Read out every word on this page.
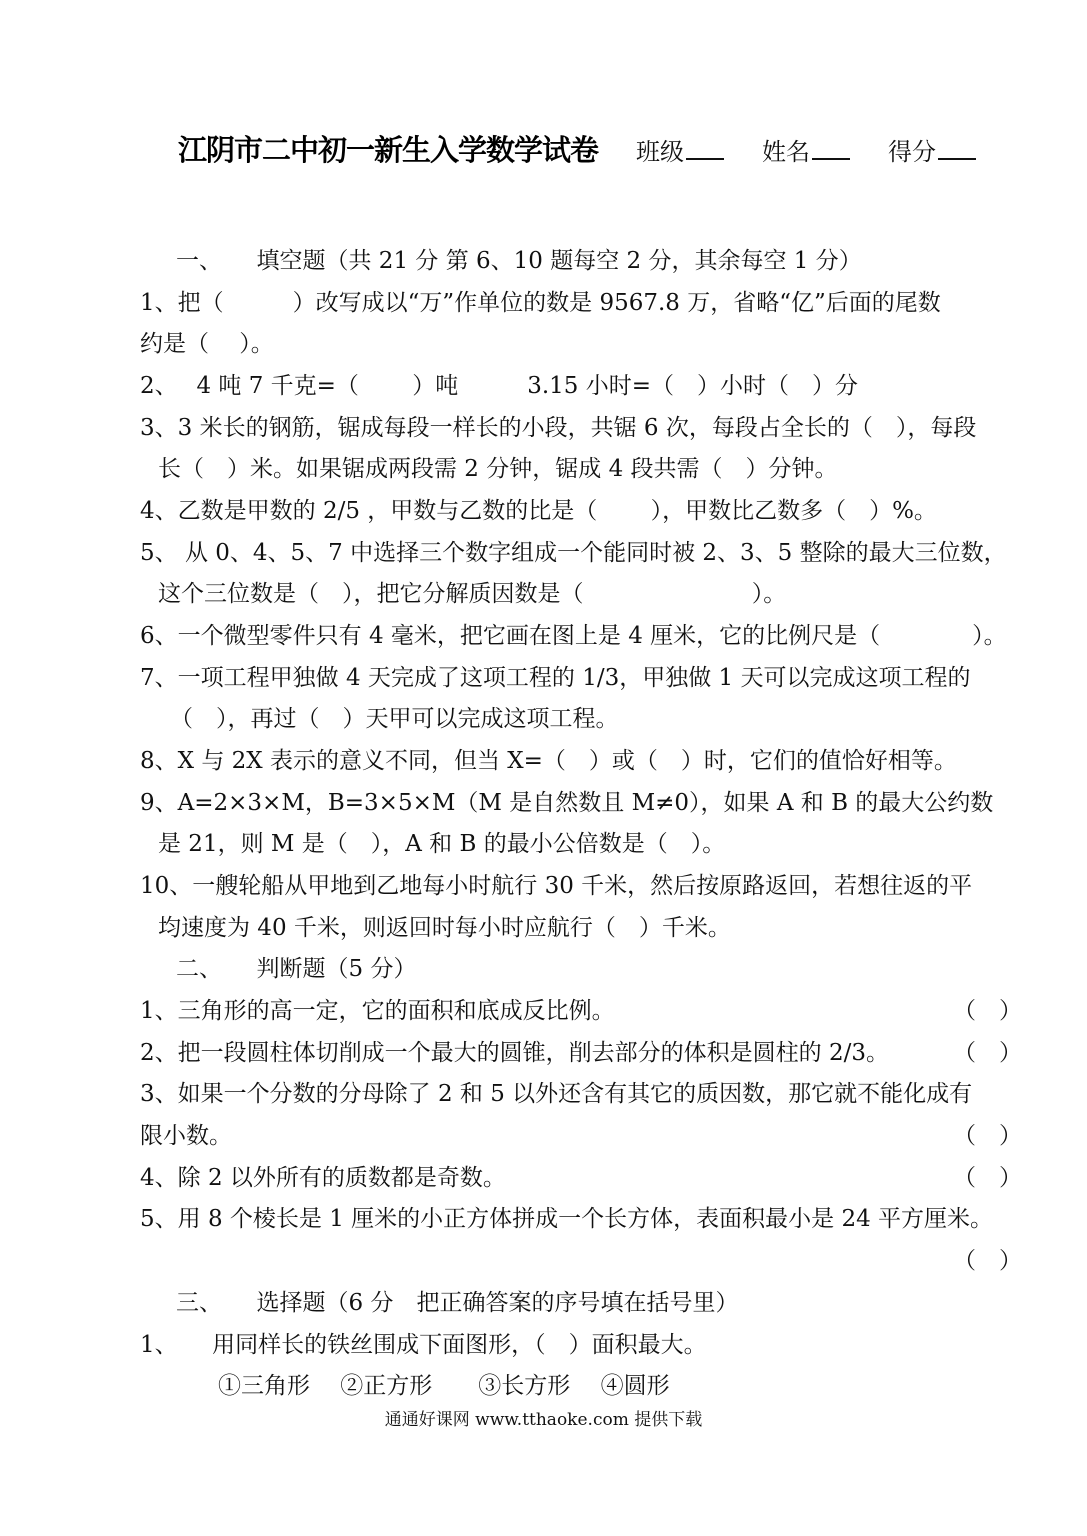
江阴市二中初一新生入学数学试卷 班级	姓名	得分
一、　　填空题（共 21 分 第 6、10 题每空 2 分，其余每空 1 分）
1、把（　　　）改写成以“万”作单位的数是 9567.8 万，省略“亿”后面的尾数
约是（　 ）。
2、　 4 吨 7 千克=（　　 ）吨　　　3.15 小时=（　）小时（　）分
3、3 米长的钢筋，锯成每段一样长的小段，共锯 6 次，每段占全长的（　），每段
长（　）米。如果锯成两段需 2 分钟，锯成 4 段共需（　）分钟。
4、乙数是甲数的 2/5 ，甲数与乙数的比是（　　 ），甲数比乙数多（　）%。
5、 从 0、4、5、7 中选择三个数字组成一个能同时被 2、3、5 整除的最大三位数，
这个三位数是（　），把它分解质因数是（　　　　　　　 ）。
6、一个微型零件只有 4 毫米，把它画在图上是 4 厘米，它的比例尺是（　　　　）。
7、一项工程甲独做 4 天完成了这项工程的 1/3，甲独做 1 天可以完成这项工程的
（　），再过（　）天甲可以完成这项工程。
8、X 与 2X 表示的意义不同，但当 X=（　）或（　）时，它们的值恰好相等。
9、A=2×3×M，B=3×5×M（M 是自然数且 M≠0），如果 A 和 B 的最大公约数
是 21，则 M 是（　），A 和 B 的最小公倍数是（　）。
10、一艘轮船从甲地到乙地每小时航行 30 千米，然后按原路返回，若想往返的平
均速度为 40 千米，则返回时每小时应航行（　）千米。
二、　　判断题（5 分）
1、三角形的高一定，它的面积和底成反比例。	（　）
2、把一段圆柱体切削成一个最大的圆锥，削去部分的体积是圆柱的 2/3。	（　）
3、如果一个分数的分母除了 2 和 5 以外还含有其它的质因数，那它就不能化成有
限小数。	（　）
4、除 2 以外所有的质数都是奇数。	（　）
5、用 8 个棱长是 1 厘米的小正方体拼成一个长方体，表面积最小是 24 平方厘米。
（　）
三、　　选择题（6 分　把正确答案的序号填在括号里）
1、　　用同样长的铁丝围成下面图形，（　）面积最大。
①三角形　 ②正方形　　③长方形　 ④圆形
通通好课网 www.tthaoke.com 提供下载
